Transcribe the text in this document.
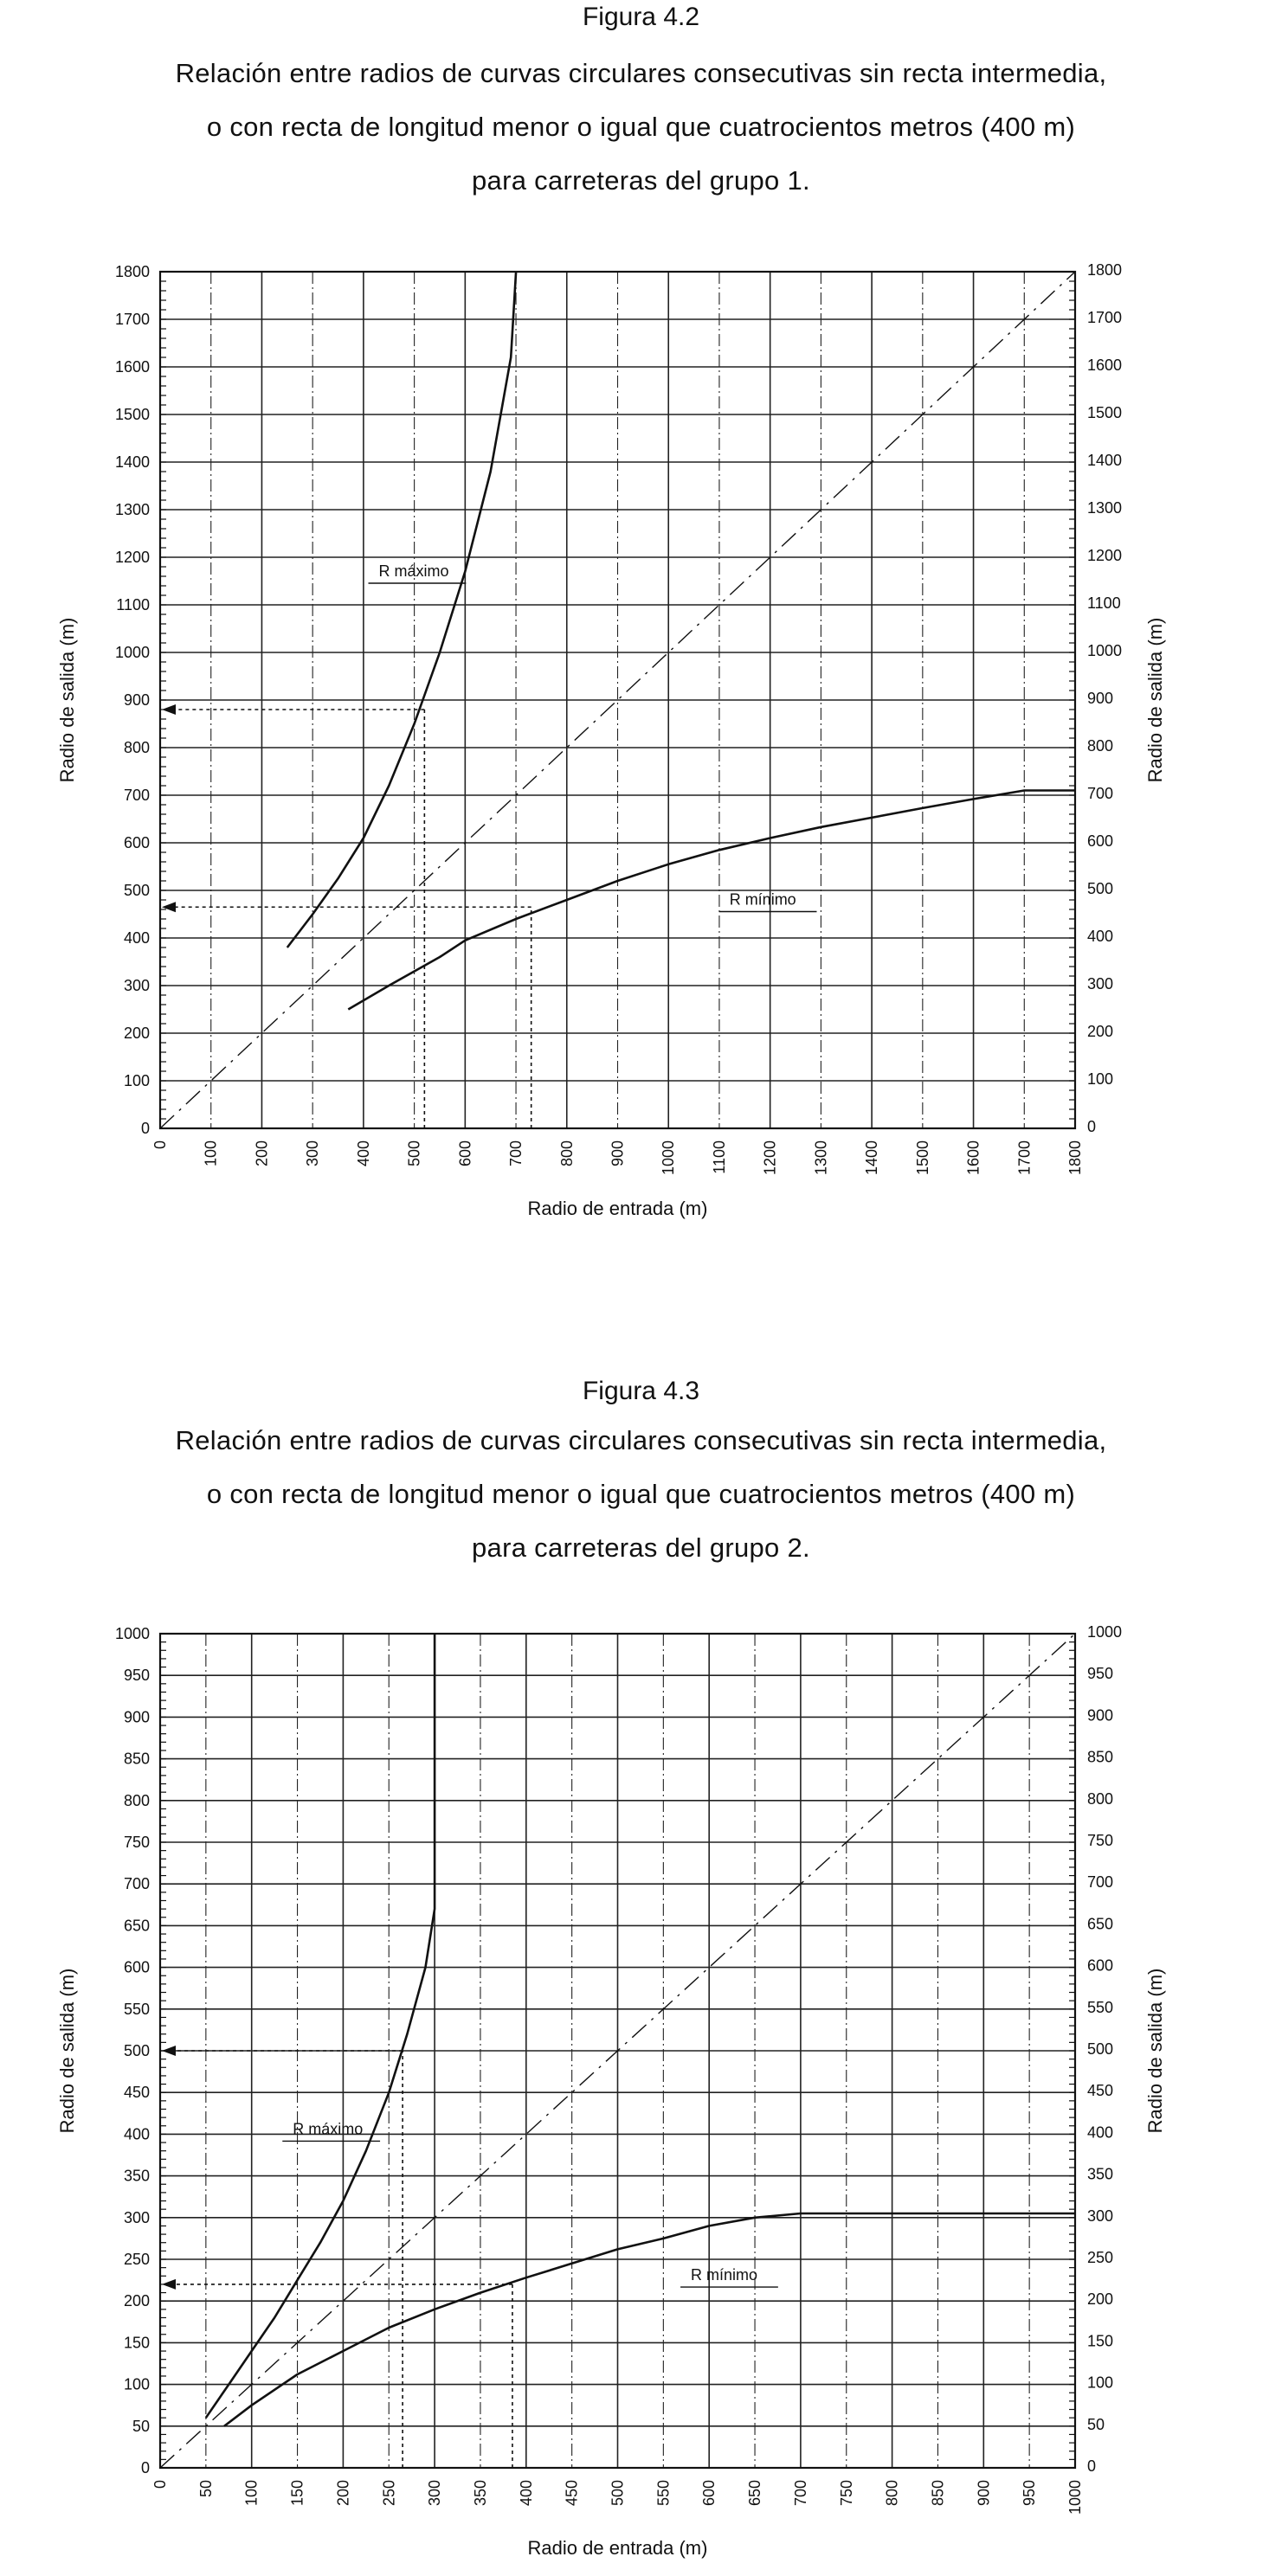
Figura 4.2

Relación entre radios de curvas circulares consecutivas sin recta intermedia,

o con recta de longitud menor o igual que cuatrocientos metros (400 m)

para carreteras del grupo 1.

0	0
100	100
200	200
300	300
400	400
500	500
600	600
700	700
800	800
900	900
1000	1000
1100	1100
1200	1200
1300	1300
1400	1400
1500	1500
1600	1600
1700	1700
1800	1800
0 100 200 300 400 500 600 700 800 900 1000 1100 1200 1300 1400 1500 1600 1700 1800
Radio de entrada (m)
Radio de salida (m)	Radio de salida (m)
R máximo
R mínimo

Figura 4.3

Relación entre radios de curvas circulares consecutivas sin recta intermedia,

o con recta de longitud menor o igual que cuatrocientos metros (400 m)

para carreteras del grupo 2.

0	0
50	50
100	100
150	150
200	200
250	250
300	300
350	350
400	400
450	450
500	500
550	550
600	600
650	650
700	700
750	750
800	800
850	850
900	900
950	950
1000	1000
0 50 100 150 200 250 300 350 400 450 500 550 600 650 700 750 800 850 900 950 1000
Radio de entrada (m)
Radio de salida (m)	Radio de salida (m)
R máximo
R mínimo
